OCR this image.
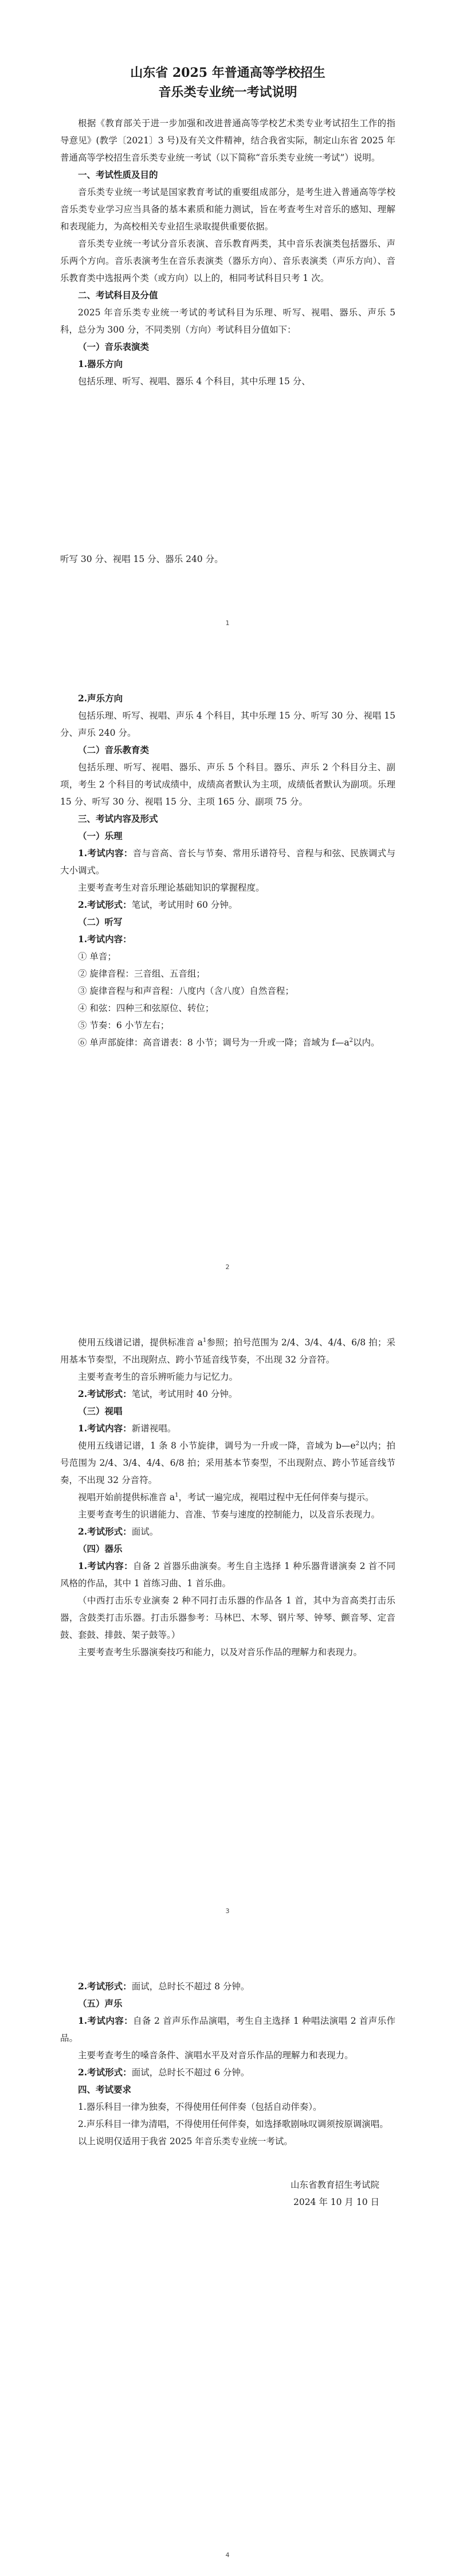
山东省 2025 年普通高等学校招生
音乐类专业统一考试说明

根据《教育部关于进一步加强和改进普通高等学校艺术类专业考试招生工作的指导意见》(教学〔2021〕3 号)及有关文件精神，结合我省实际，制定山东省 2025 年普通高等学校招生音乐类专业统一考试（以下简称“音乐类专业统一考试”）说明。

一、考试性质及目的

音乐类专业统一考试是国家教育考试的重要组成部分，是考生进入普通高等学校音乐类专业学习应当具备的基本素质和能力测试，旨在考查考生对音乐的感知、理解和表现能力，为高校相关专业招生录取提供重要依据。

音乐类专业统一考试分音乐表演、音乐教育两类，其中音乐表演类包括器乐、声乐两个方向。音乐表演考生在音乐表演类（器乐方向）、音乐表演类（声乐方向）、音乐教育类中选报两个类（或方向）以上的，相同考试科目只考 1 次。

二、考试科目及分值

2025 年音乐类专业统一考试的考试科目为乐理、听写、视唱、器乐、声乐 5 科，总分为 300 分，不同类别（方向）考试科目分值如下：

（一）音乐表演类

1.器乐方向

包括乐理、听写、视唱、器乐 4 个科目，其中乐理 15 分、

听写 30 分、视唱 15 分、器乐 240 分。

1

2.声乐方向

包括乐理、听写、视唱、声乐 4 个科目，其中乐理 15 分、听写 30 分、视唱 15 分、声乐 240 分。

（二）音乐教育类

包括乐理、听写、视唱、器乐、声乐 5 个科目。器乐、声乐 2 个科目分主、副项，考生 2 个科目的考试成绩中，成绩高者默认为主项，成绩低者默认为副项。乐理 15 分、听写 30 分、视唱 15 分、主项 165 分、副项 75 分。

三、考试内容及形式

（一）乐理

1.考试内容：音与音高、音长与节奏、常用乐谱符号、音程与和弦、民族调式与大小调式。

主要考查考生对音乐理论基础知识的掌握程度。

2.考试形式：笔试，考试用时 60 分钟。

（二）听写

1.考试内容：

① 单音；

② 旋律音程：三音组、五音组；

③ 旋律音程与和声音程：八度内（含八度）自然音程；

④ 和弦：四种三和弦原位、转位；

⑤ 节奏：6 小节左右；

⑥ 单声部旋律：高音谱表：8 小节；调号为一升或一降；音域为 $f—a^2$以内。

2

使用五线谱记谱，提供标准音 $a^1$参照；拍号范围为 2/4、3/4、4/4、6/8 拍；采用基本节奏型，不出现附点、跨小节延音线节奏，不出现 32 分音符。

主要考查考生的音乐辨听能力与记忆力。

2.考试形式：笔试，考试用时 40 分钟。

（三）视唱

1.考试内容：新谱视唱。

使用五线谱记谱，1 条 8 小节旋律，调号为一升或一降，音域为 $b—e^2$以内；拍号范围为 2/4、3/4、4/4、6/8 拍；采用基本节奏型，不出现附点、跨小节延音线节奏，不出现 32 分音符。

视唱开始前提供标准音 $a^1$，考试一遍完成，视唱过程中无任何伴奏与提示。

主要考查考生的识谱能力、音准、节奏与速度的控制能力，以及音乐表现力。

2.考试形式：面试。

（四）器乐

1.考试内容：自备 2 首器乐曲演奏。考生自主选择 1 种乐器背谱演奏 2 首不同风格的作品，其中 1 首练习曲、1 首乐曲。

（中西打击乐专业演奏 2 种不同打击乐器的作品各 1 首，其中为音高类打击乐器，含鼓类打击乐器。打击乐器参考：马林巴、木琴、钢片琴、钟琴、颤音琴、定音鼓、套鼓、排鼓、架子鼓等。）

主要考查考生乐器演奏技巧和能力，以及对音乐作品的理解力和表现力。

3

2.考试形式：面试，总时长不超过 8 分钟。

（五）声乐

1.考试内容：自备 2 首声乐作品演唱，考生自主选择 1 种唱法演唱 2 首声乐作品。

主要考查考生的嗓音条件、演唱水平及对音乐作品的理解力和表现力。

2.考试形式：面试，总时长不超过 6 分钟。

四、考试要求

1.器乐科目一律为独奏，不得使用任何伴奏（包括自动伴奏）。

2.声乐科目一律为清唱，不得使用任何伴奏，如选择歌剧咏叹调须按原调演唱。

以上说明仅适用于我省 2025 年音乐类专业统一考试。

山东省教育招生考试院

2024 年 10 月 10 日

4
